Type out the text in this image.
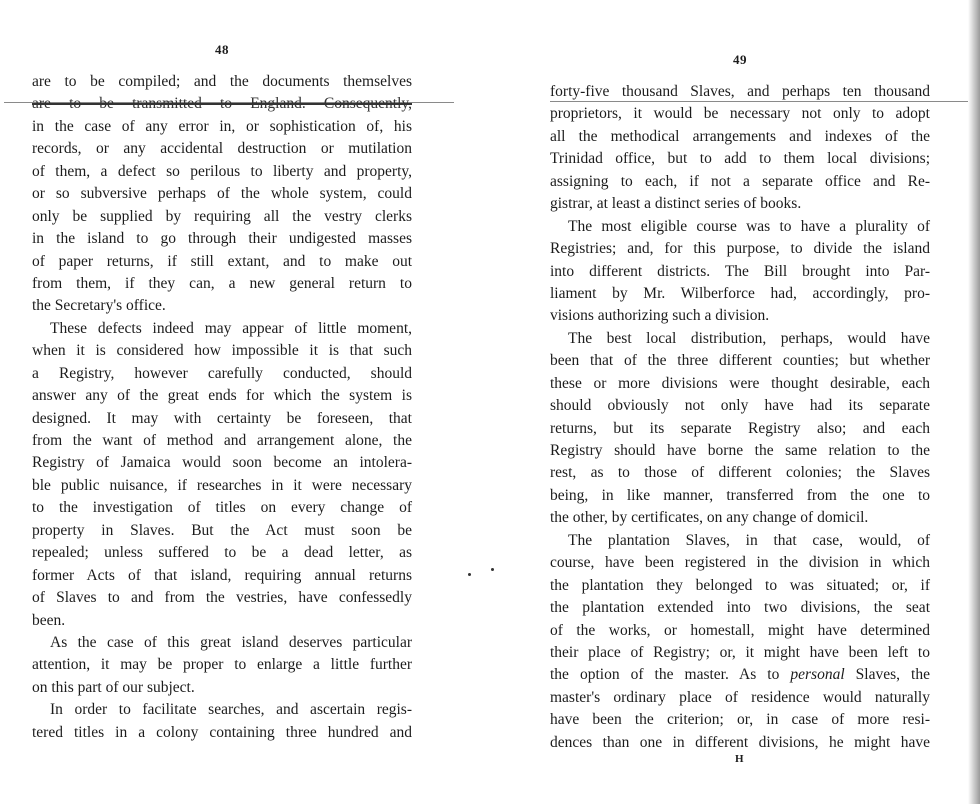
48
are to be compiled; and the documents themselves
are to be transmitted to England. Consequently,
in the case of any error in, or sophistication of, his
records, or any accidental destruction or mutilation
of them, a defect so perilous to liberty and property,
or so subversive perhaps of the whole system, could
only be supplied by requiring all the vestry clerks
in the island to go through their undigested masses
of paper returns, if still extant, and to make out
from them, if they can, a new general return to
the Secretary's office.
These defects indeed may appear of little moment,
when it is considered how impossible it is that such
a Registry, however carefully conducted, should
answer any of the great ends for which the system is
designed. It may with certainty be foreseen, that
from the want of method and arrangement alone, the
Registry of Jamaica would soon become an intolera-
ble public nuisance, if researches in it were necessary
to the investigation of titles on every change of
property in Slaves. But the Act must soon be
repealed; unless suffered to be a dead letter, as
former Acts of that island, requiring annual returns
of Slaves to and from the vestries, have confessedly
been.
As the case of this great island deserves particular
attention, it may be proper to enlarge a little further
on this part of our subject.
In order to facilitate searches, and ascertain regis-
tered titles in a colony containing three hundred and
49
forty-five thousand Slaves, and perhaps ten thousand
proprietors, it would be necessary not only to adopt
all the methodical arrangements and indexes of the
Trinidad office, but to add to them local divisions;
assigning to each, if not a separate office and Re-
gistrar, at least a distinct series of books.
The most eligible course was to have a plurality of
Registries; and, for this purpose, to divide the island
into different districts. The Bill brought into Par-
liament by Mr. Wilberforce had, accordingly, pro-
visions authorizing such a division.
The best local distribution, perhaps, would have
been that of the three different counties; but whether
these or more divisions were thought desirable, each
should obviously not only have had its separate
returns, but its separate Registry also; and each
Registry should have borne the same relation to the
rest, as to those of different colonies; the Slaves
being, in like manner, transferred from the one to
the other, by certificates, on any change of domicil.
The plantation Slaves, in that case, would, of
course, have been registered in the division in which
the plantation they belonged to was situated; or, if
the plantation extended into two divisions, the seat
of the works, or homestall, might have determined
their place of Registry; or, it might have been left to
the option of the master. As to personal Slaves, the
master's ordinary place of residence would naturally
have been the criterion; or, in case of more resi-
dences than one in different divisions, he might have
H
